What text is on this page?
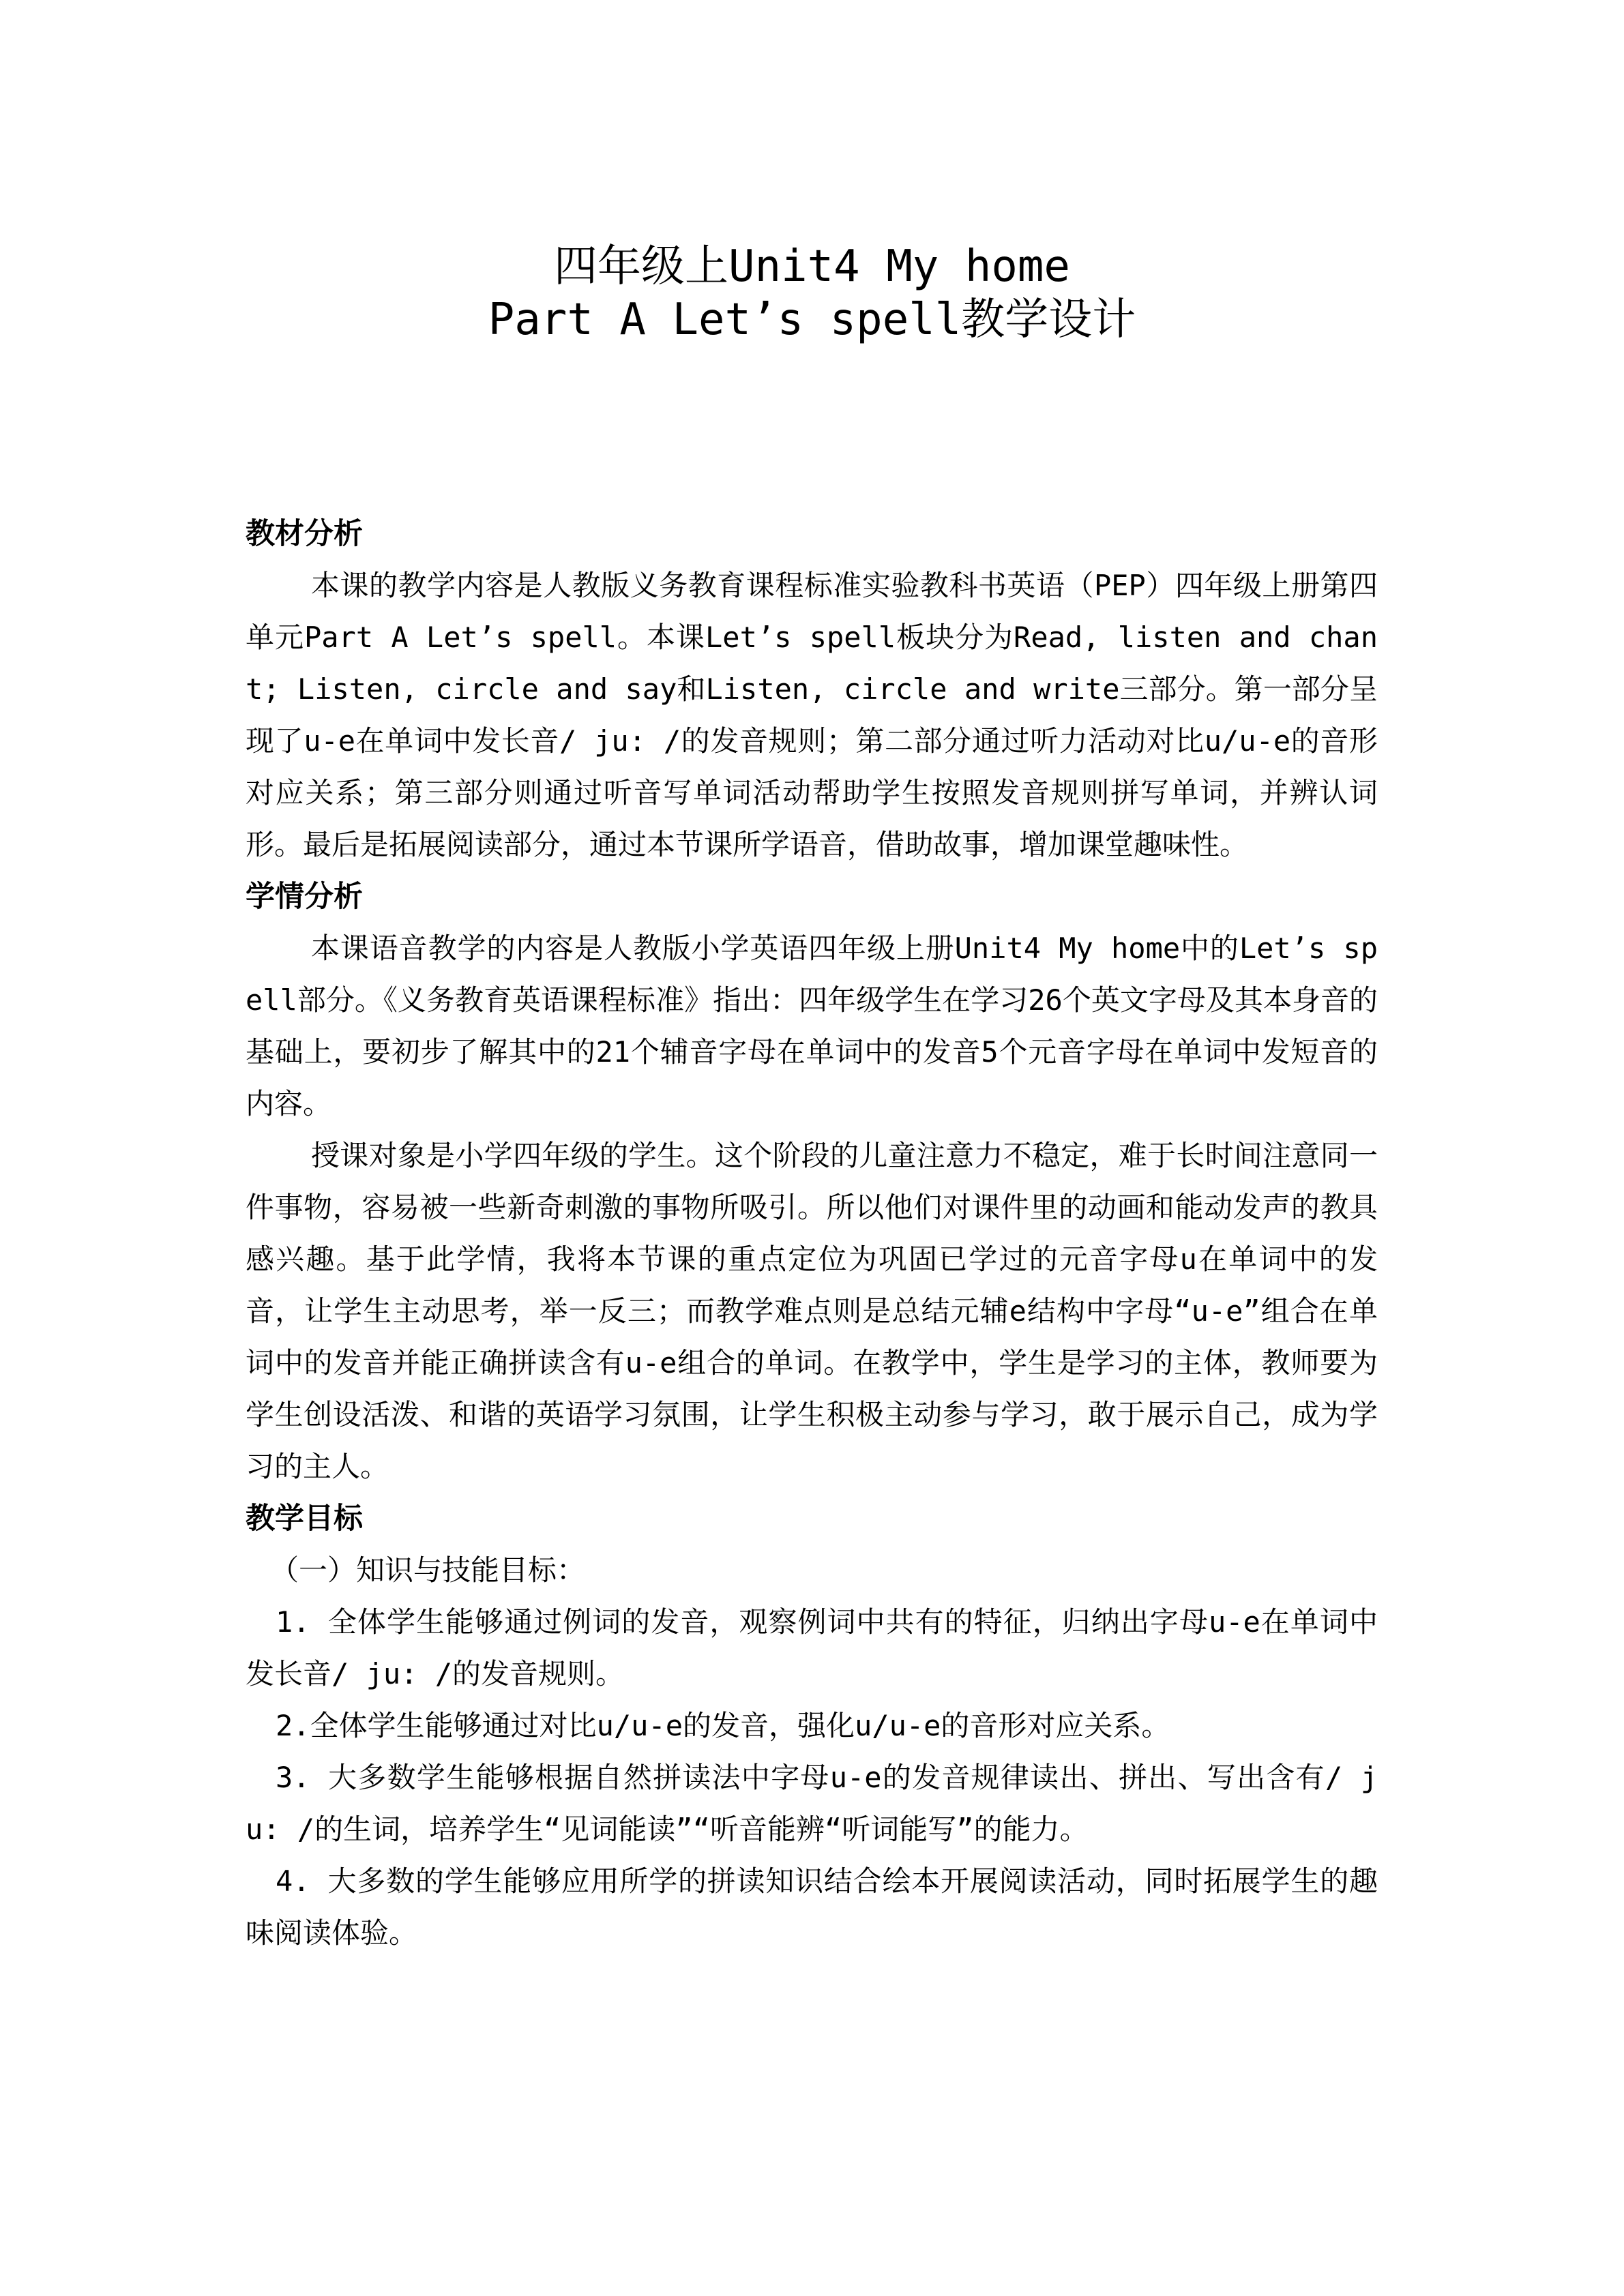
四年级上Unit4 My home
Part A Let’s spell教学设计
教材分析

本课的教学内容是人教版义务教育课程标准实验教科书英语（PEP）四年级上册第四单元Part A Let’s spell。本课Let’s spell板块分为Read, listen and chant; Listen, circle and say和Listen, circle and write三部分。第一部分呈现了u-e在单词中发长音/ ju: /的发音规则；第二部分通过听力活动对比u/u-e的音形对应关系；第三部分则通过听音写单词活动帮助学生按照发音规则拼写单词，并辨认词形。最后是拓展阅读部分，通过本节课所学语音，借助故事，增加课堂趣味性。

学情分析

本课语音教学的内容是人教版小学英语四年级上册Unit4 My home中的Let’s spell部分。《义务教育英语课程标准》指出：四年级学生在学习26个英文字母及其本身音的基础上，要初步了解其中的21个辅音字母在单词中的发音5个元音字母在单词中发短音的内容。

授课对象是小学四年级的学生。这个阶段的儿童注意力不稳定，难于长时间注意同一件事物，容易被一些新奇刺激的事物所吸引。所以他们对课件里的动画和能动发声的教具感兴趣。基于此学情，我将本节课的重点定位为巩固已学过的元音字母u在单词中的发音，让学生主动思考，举一反三；而教学难点则是总结元辅e结构中字母“u-e”组合在单词中的发音并能正确拼读含有u-e组合的单词。在教学中，学生是学习的主体，教师要为学生创设活泼、和谐的英语学习氛围，让学生积极主动参与学习，敢于展示自己，成为学习的主人。

教学目标

（一）知识与技能目标：

1. 全体学生能够通过例词的发音，观察例词中共有的特征，归纳出字母u-e在单词中发长音/ ju: /的发音规则。

2.全体学生能够通过对比u/u-e的发音，强化u/u-e的音形对应关系。

3. 大多数学生能够根据自然拼读法中字母u-e的发音规律读出、拼出、写出含有/ ju: /的生词，培养学生“见词能读”“听音能辨“听词能写”的能力。

4. 大多数的学生能够应用所学的拼读知识结合绘本开展阅读活动，同时拓展学生的趣味阅读体验。
